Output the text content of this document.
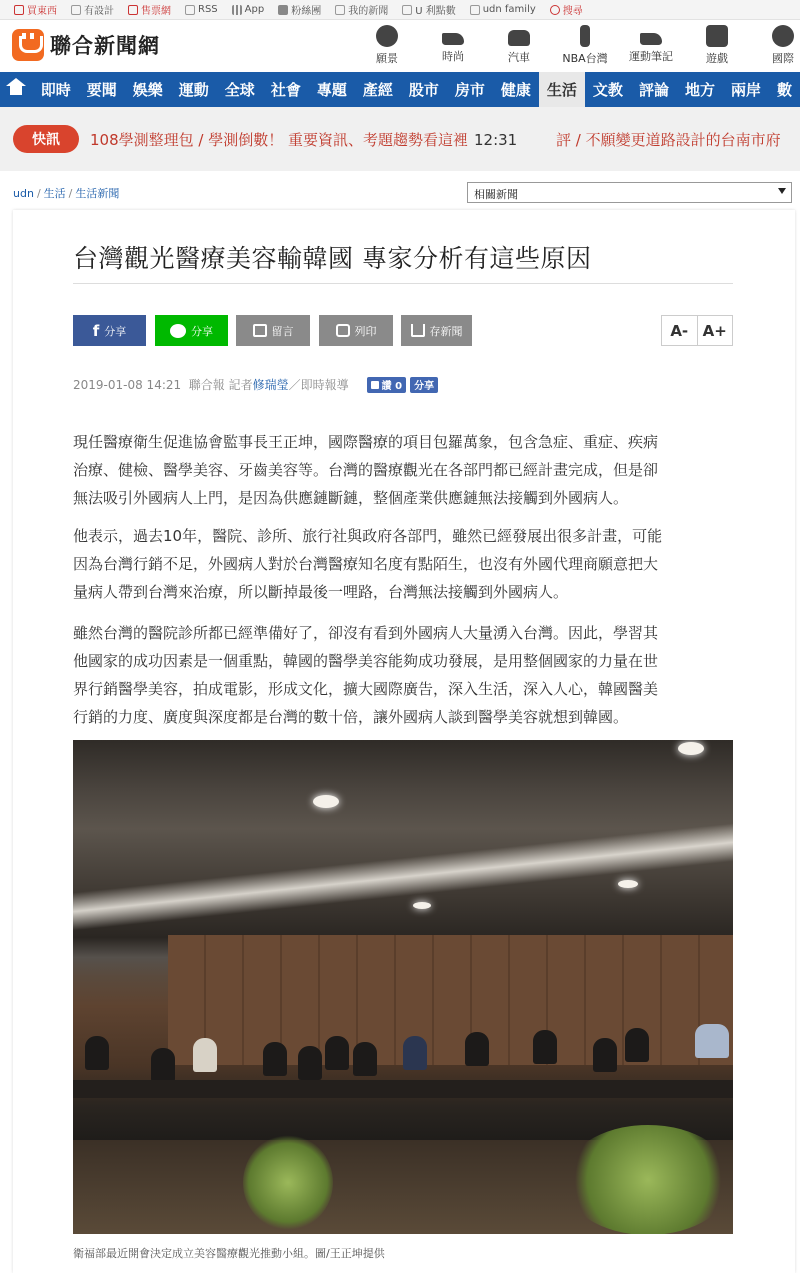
買東西	有設計	售票網	RSS	App	粉絲團	我的新聞	U 利點數	udn family	搜尋
聯合新聞網
願景	時尚	汽車	NBA台灣	運動筆記	遊戲	國際
即時	要聞	娛樂	運動	全球	社會	專題	產經	股市	房市	健康	生活	文教	評論	地方	兩岸	數
快訊	108學測整理包 / 學測倒數！ 重要資訊、考題趨勢看這裡 12:31	評 / 不願變更道路設計的台南市府
udn / 生活 / 生活新聞	相關新聞
台灣觀光醫療美容輸韓國 專家分析有這些原因
f 分享	分享	留言	列印	存新聞	A- A+
2019-01-08 14:21
聯合報
記者 修瑞瑩 ／即時報導	讚 0	分享
現任醫療衛生促進協會監事長王正坤，國際醫療的項目包羅萬象，包含急症、重症、疾病
治療、健檢、醫學美容、牙齒美容等。台灣的醫療觀光在各部門都已經計畫完成，但是卻
無法吸引外國病人上門，是因為供應鏈斷鏈，整個產業供應鏈無法接觸到外國病人。
他表示，過去10年，醫院、診所、旅行社與政府各部門，雖然已經發展出很多計畫，可能
因為台灣行銷不足，外國病人對於台灣醫療知名度有點陌生，也沒有外國代理商願意把大
量病人帶到台灣來治療，所以斷掉最後一哩路，台灣無法接觸到外國病人。
雖然台灣的醫院診所都已經準備好了，卻沒有看到外國病人大量湧入台灣。因此，學習其
他國家的成功因素是一個重點，韓國的醫學美容能夠成功發展，是用整個國家的力量在世
界行銷醫學美容，拍成電影，形成文化，擴大國際廣告，深入生活，深入人心，韓國醫美
行銷的力度、廣度與深度都是台灣的數十倍，讓外國病人談到醫學美容就想到韓國。
衛福部最近開會決定成立美容醫療觀光推動小組。圖/王正坤提供
